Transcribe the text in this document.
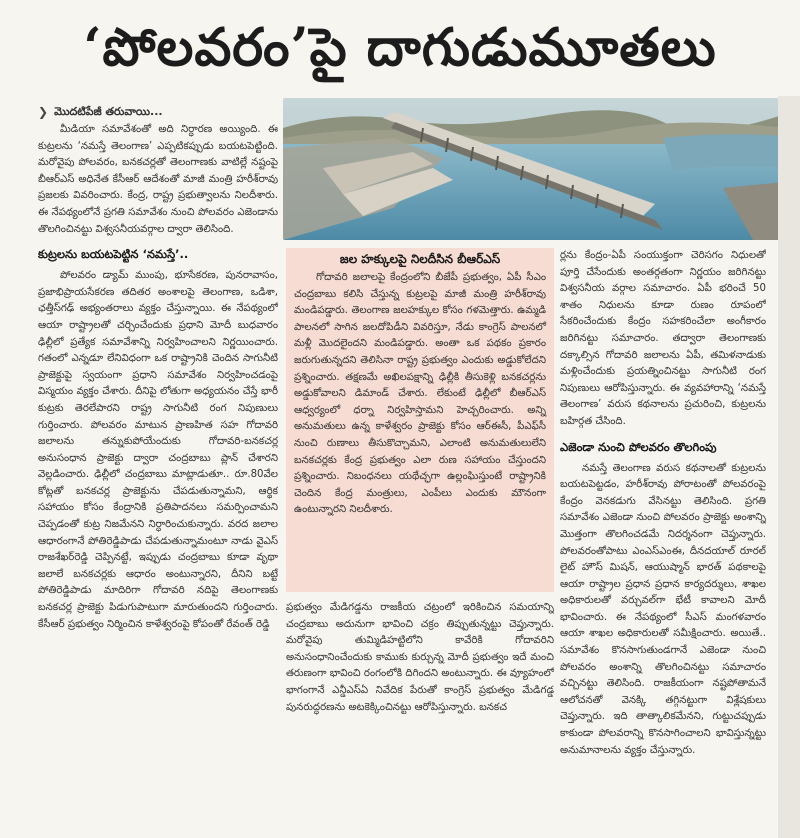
‘పోలవరం’పై దాగుడుమూతలు
❯ మొదటిపేజీ తరువాయి...

మీడియా సమావేశంతో అది నిర్ధారణ అయ్యింది. ఈ కుట్రలను ‘నమస్తే తెలంగాణ’ ఎప్పటికప్పుడు బయటపెట్టింది. మరోవైపు పోలవరం, బనకచర్లతో తెలంగాణకు వాటిల్లే నష్టంపై బీఆర్ఎస్ అధినేత కేసీఆర్ ఆదేశంతో మాజీ మంత్రి హరీశ్‌రావు ప్రజలకు వివరించారు. కేంద్ర, రాష్ట్ర ప్రభుత్వాలను నిలదీశారు. ఈ నేపథ్యంలోనే ప్రగతి సమావేశం నుంచి పోలవరం ఎజెండాను తొలగించినట్టు విశ్వసనీయవర్గాల ద్వారా తెలిసింది.

కుట్రలను బయటపెట్టిన ‘నమస్తే’..

పోలవరం డ్యామ్ ముంపు, భూసేకరణ, పునరావాసం, ప్రజాభిప్రాయసేకరణ తదితర అంశాలపై తెలంగాణ, ఒడిశా, ఛత్తీస్‌గఢ్ అభ్యంతరాలు వ్యక్తం చేస్తున్నాయి. ఈ నేపథ్యంలో ఆయా రాష్ట్రాలతో చర్చించేందుకు ప్రధాని మోదీ బుధవారం ఢిల్లీలో ప్రత్యేక సమావేశాన్ని నిర్వహించాలని నిర్ణయించారు. గతంలో ఎన్నడూ లేనివిధంగా ఒక రాష్ట్రానికి చెందిన సాగునీటి ప్రాజెక్టుపై స్వయంగా ప్రధాని సమావేశం నిర్వహించడంపై విస్మయం వ్యక్తం చేశారు. దీనిపై లోతుగా అధ్యయనం చేస్తే భారీ కుట్రకు తెరలేపారని రాష్ట్ర సాగునీటి రంగ నిపుణులు గుర్తించారు. పోలవరం మాటున ప్రాణహిత సహ గోదావరి జలాలను తన్నుకుపోయేందుకు గోదావరి-బనకచర్ల అనుసంధాన ప్రాజెక్టు ద్వారా చంద్రబాబు ప్లాన్ చేశారని వెల్లడించారు. ఢిల్లీలో చంద్రబాబు మాట్లాడుతూ.. రూ.80వేల కోట్లతో బనకచర్ల ప్రాజెక్టును చేపడుతున్నామని, ఆర్థిక సహాయం కోసం కేంద్రానికి ప్రతిపాదనలు సమర్పించామని చెప్పడంతో కుట్ర నిజమేనని నిర్ధారించుకున్నారు. వరద జలాల ఆధారంగానే పోతిరెడ్డిపాడు చేపడుతున్నామంటూ నాడు వైఎస్ రాజశేఖర్‌రెడ్డి చెప్పినట్టే, ఇప్పుడు చంద్రబాబు కూడా వృథా జలాలే బనకచర్లకు ఆధారం అంటున్నారని, దీనిని బట్టే పోతిరెడ్డిపాడు మాదిరిగా గోదావరి నదిపై తెలంగాణకు బనకచర్ల ప్రాజెక్టు పిడుగుపాటుగా మారుతుందని గుర్తించారు. కేసీఆర్ ప్రభుత్వం నిర్మించిన కాళేశ్వరంపై కోపంతో రేవంత్ రెడ్డి

జల హక్కులపై నిలదీసిన బీఆర్ఎస్

గోదావరి జలాలపై కేంద్రంలోని బీజేపీ ప్రభుత్వం, ఏపీ సీఎం చంద్రబాబు కలిసి చేస్తున్న కుట్రలపై మాజీ మంత్రి హరీశ్‌రావు మండిపడ్డారు. తెలంగాణ జలహక్కుల కోసం గళమెత్తారు. ఉమ్మడి పాలనలో సాగిన జలదోపిడీని వివరిస్తూ, నేడు కాంగ్రెస్ పాలనలో మళ్లీ మొదలైందని మండిపడ్డారు. అంతా ఒక పథకం ప్రకారం జరుగుతున్నదని తెలిసినా రాష్ట్ర ప్రభుత్వం ఎందుకు అడ్డుకోలేదని ప్రశ్నించారు. తక్షణమే అఖిలపక్షాన్ని ఢిల్లీకి తీసుకెళ్లి బనకచర్లను అడ్డుకోవాలని డిమాండ్ చేశారు. లేకుంటే ఢిల్లీలో బీఆర్ఎస్ ఆధ్వర్యంలో ధర్నా నిర్వహిస్తామని హెచ్చరించారు. అన్ని అనుమతులు ఉన్న కాళేశ్వరం ప్రాజెక్టు కోసం ఆర్ఈసీ, పీఎఫ్‌సీ నుంచి రుణాలు తీసుకొచ్చామని, ఎలాంటి అనుమతులులేని బనకచర్లకు కేంద్ర ప్రభుత్వం ఎలా రుణ సహాయం చేస్తుందని ప్రశ్నించారు. నిబంధనలు యథేచ్ఛగా ఉల్లంఘిస్తుంటే రాష్ట్రానికి చెందిన కేంద్ర మంత్రులు, ఎంపీలు ఎందుకు మౌనంగా ఉంటున్నారని నిలదీశారు.

ప్రభుత్వం మేడిగడ్డను రాజకీయ చట్రంలో ఇరికించిన సమయాన్ని చంద్రబాబు అదునుగా భావించి చక్రం తిప్పుతున్నట్టు చెప్తున్నారు. మరోవైపు తుమ్మిడిహట్టిలోని కావేరికి గోదావరిని అనుసంధానించేందుకు కాముకు కుర్చున్న మోదీ ప్రభుత్వం ఇదే మంచి తరుణంగా భావించి రంగంలోకి దిగిందని అంటున్నారు. ఈ వ్యూహంలో భాగంగానే ఎన్డీఎస్ఏ నివేదిక పేరుతో కాంగ్రెస్ ప్రభుత్వం మేడిగడ్డ పునరుద్ధరణను అటకెక్కించినట్టు ఆరోపిస్తున్నారు. బనకచ

ర్లను కేంద్రం-ఏపీ సంయుక్తంగా చెరిసగం నిధులతో పూర్తి చేసేందుకు అంతర్గతంగా నిర్ణయం జరిగినట్టు విశ్వసనీయ వర్గాల సమాచారం. ఏపీ భరించే 50 శాతం నిధులను కూడా రుణం రూపంలో సేకరించేందుకు కేంద్రం సహకరించేలా అంగీకారం జరిగినట్టు సమాచారం. తద్వారా తెలంగాణకు దక్కాల్సిన గోదావరి జలాలను ఏపీ, తమిళనాడుకు మళ్లించేందుకు ప్రయత్నించినట్టు సాగునీటి రంగ నిపుణులు ఆరోపిస్తున్నారు. ఈ వ్యవహారాన్ని ‘నమస్తే తెలంగాణ’ వరుస కథనాలను ప్రచురించి, కుట్రలను బహిర్గత చేసింది.

ఎజెండా నుంచి పోలవరం తొలగింపు

నమస్తే తెలంగాణ వరుస కథనాలతో కుట్రలను బయటపెట్టడం, హరీశ్‌రావు పోరాటంతో పోలవరంపై కేంద్రం వెనకడుగు వేసినట్టు తెలిసింది. ప్రగతి సమావేశం ఎజెండా నుంచి పోలవరం ప్రాజెక్టు అంశాన్ని మొత్తంగా తొలగించడమే నిదర్శనంగా చెప్తున్నారు. పోలవరంతోపాటు ఎంఎస్ఎంఈ, దీనదయాల్ రూరల్ లైట్ హౌస్ మిషన్, ఆయుష్మాన్ భారత్ పథకాలపై ఆయా రాష్ట్రాల ప్రధాన ప్రధాన కార్యదర్శులు, శాఖల అధికారులతో వర్చువల్‌గా భేటీ కావాలని మోదీ భావించారు. ఈ నేపథ్యంలో సీఎస్ మంగళవారం ఆయా శాఖల అధికారులతో సమీక్షించారు. అయితే.. సమావేశం కొనసాగుతుండగానే ఎజెండా నుంచి పోలవరం అంశాన్ని తొలగించినట్టు సమాచారం వచ్చినట్టు తెలిసింది. రాజకీయంగా నష్టపోతామనే ఆలోచనతో వెనక్కి తగ్గినట్టుగా విశ్లేషకులు చెప్తున్నారు. ఇది తాత్కాలికమేనని, గుట్టుచప్పుడు కాకుండా పోలవరాన్ని కొనసాగించాలని భావిస్తున్నట్టు అనుమానాలను వ్యక్తం చేస్తున్నారు.
